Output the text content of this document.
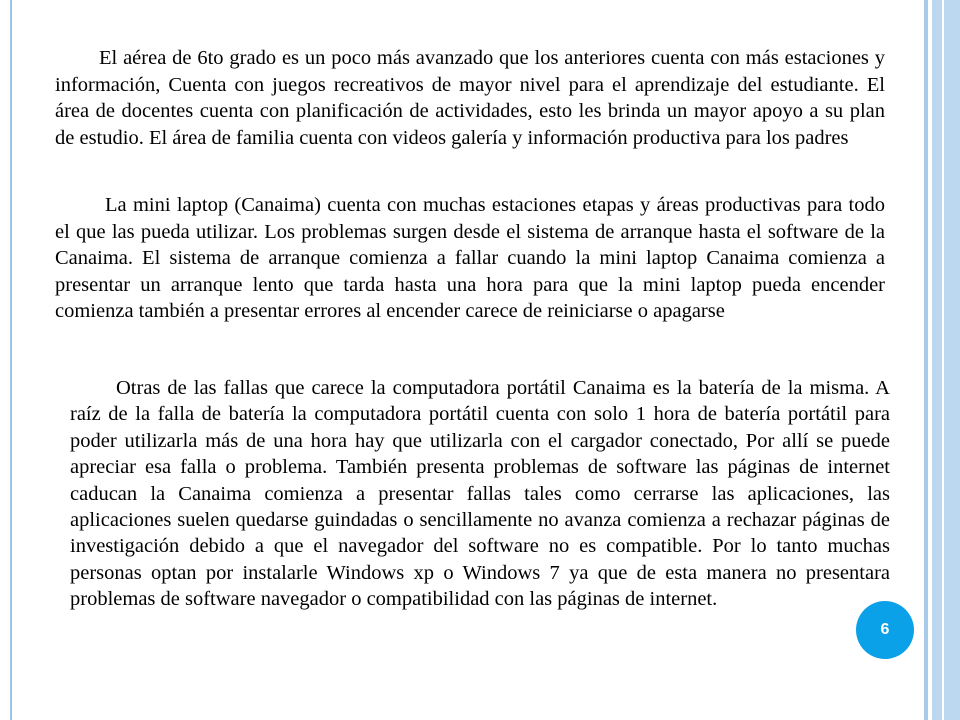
El aérea de 6to grado es un poco más avanzado que los anteriores cuenta con más estaciones y información, Cuenta con juegos recreativos de mayor nivel para el aprendizaje del estudiante. El área de docentes cuenta con planificación de actividades, esto les brinda un mayor apoyo a su plan de estudio. El área de familia cuenta con videos galería y información productiva para los padres

La mini laptop (Canaima) cuenta con muchas estaciones etapas y áreas productivas para todo el que las pueda utilizar. Los problemas surgen desde el sistema de arranque hasta el software de la Canaima. El sistema de arranque comienza a fallar cuando la mini laptop Canaima comienza a presentar un arranque lento que tarda hasta una hora para que la mini laptop pueda encender comienza también a presentar errores al encender carece de reiniciarse o apagarse

Otras de las fallas que carece la computadora portátil Canaima es la batería de la misma. A raíz de la falla de batería la computadora portátil cuenta con solo 1 hora de batería portátil para poder utilizarla más de una hora hay que utilizarla con el cargador conectado, Por allí se puede apreciar esa falla o problema. También presenta problemas de software las páginas de internet caducan la Canaima comienza a presentar fallas tales como cerrarse las aplicaciones, las aplicaciones suelen quedarse guindadas o sencillamente no avanza comienza a rechazar páginas de investigación debido a que el navegador del software no es compatible. Por lo tanto muchas personas optan por instalarle Windows xp o Windows 7 ya que de esta manera no presentara problemas de software navegador o compatibilidad con las páginas de internet.

6
